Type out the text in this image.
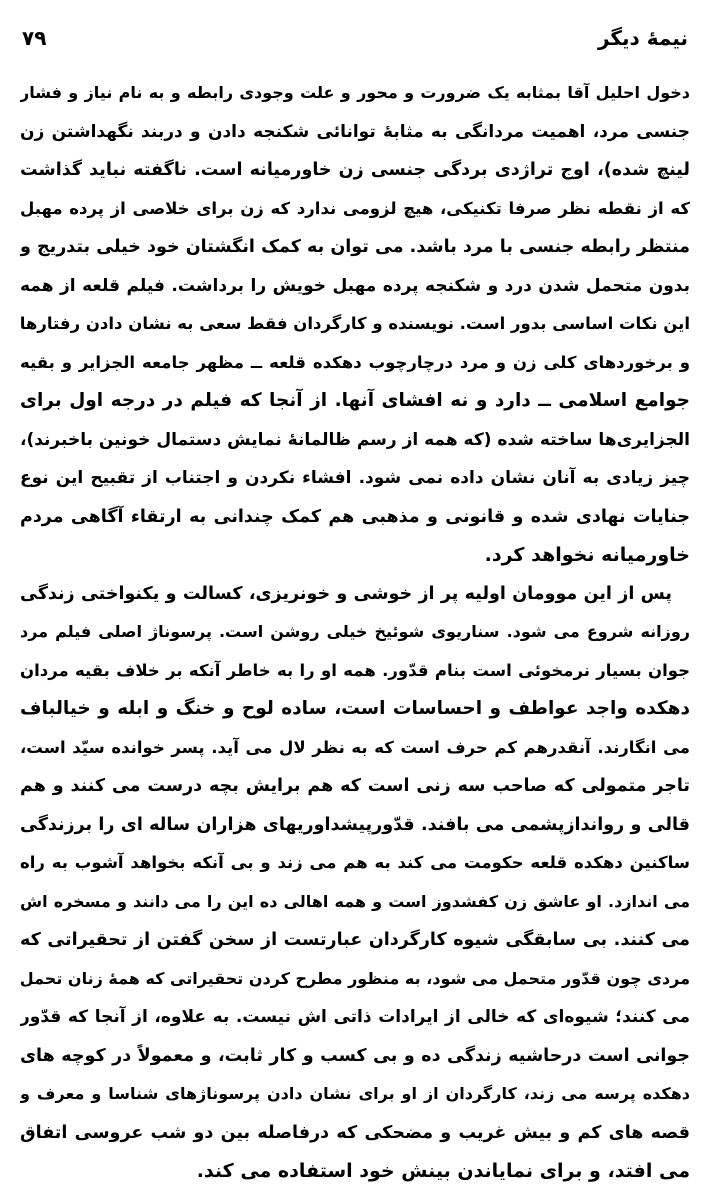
نیمهٔ دیگر
۷۹
دخول احلیل آقا بمثابه یک ضرورت و محور و علت وجودی رابطه و به نام نیاز و فشار
جنسی مرد، اهمیت مردانگی به مثابهٔ توانائی شکنجه دادن و دربند نگهداشتن زن
لینچ شده)، اوج تراژدی بردگی جنسی زن خاورمیانه است. ناگفته نباید گذاشت
که از نقطه نظر صرفا تکنیکی، هیچ لزومی ندارد که زن برای خلاصی از پرده مهبل
منتظر رابطه جنسی با مرد باشد. می توان به کمک انگشتان خود خیلی بتدریج و
بدون متحمل شدن درد و شکنجه پرده مهبل خویش را برداشت. فیلم قلعه از همه
این نکات اساسی بدور است. نویسنده و کارگردان فقط سعی به نشان دادن رفتارها
و برخوردهای کلی زن و مرد درچارچوب دهکده قلعه ــ مظهر جامعه الجزایر و بقیه
جوامع اسلامی ــ دارد و نه افشای آنها. از آنجا که فیلم در درجه اول برای
الجزایری‌ها ساخته شده (که همه از رسم ظالمانهٔ نمایش دستمال خونین باخبرند)،
چیز زیادی به آنان نشان داده نمی شود. افشاء نکردن و اجتناب از تقبیح این نوع
جنایات نهادی شده و قانونی و مذهبی هم کمک چندانی به ارتقاء آگاهی مردم
خاورمیانه نخواهد کرد.
پس از این موومان اولیه پر از خوشی و خونریزی، کسالت و یکنواختی زندگی
روزانه شروع می شود. سناریوی شوئیخ خیلی روشن است. پرسوناژ اصلی فیلم مرد
جوان بسیار نرمخوئی است بنام قدّور. همه او را به خاطر آنکه بر خلاف بقیه مردان
دهکده واجد عواطف و احساسات است، ساده لوح و خنگ و ابله و خیالباف
می انگارند. آنقدرهم کم حرف است که به نظر لال می آید. پسر خوانده سیّد است،
تاجر متمولی که صاحب سه زنی است که هم برایش بچه درست می کنند و هم
قالی و رواندازپشمی می بافند. قدّورپیشداوریهای هزاران ساله ای را برزندگی
ساکنین دهکده قلعه حکومت می کند به هم می زند و بی آنکه بخواهد آشوب به راه
می اندازد. او عاشق زن کفشدوز است و همه اهالی ده این را می دانند و مسخره اش
می کنند. بی سابقگی شیوه کارگردان عبارتست از سخن گفتن از تحقیراتی که
مردی چون قدّور متحمل می شود، به منظور مطرح کردن تحقیراتی که همهٔ زنان تحمل
می کنند؛ شیوه‌ای که خالی از ایرادات ذاتی اش نیست. به علاوه، از آنجا که قدّور
جوانی است درحاشیه زندگی ده و بی کسب و کار ثابت، و معمولاً در کوچه های
دهکده پرسه می زند، کارگردان از او برای نشان دادن پرسوناژهای شناسا و معرف و
قصه های کم و بیش غریب و مضحکی که درفاصله بین دو شب عروسی اتفاق
می افتد، و برای نمایاندن بینش خود استفاده می کند.
